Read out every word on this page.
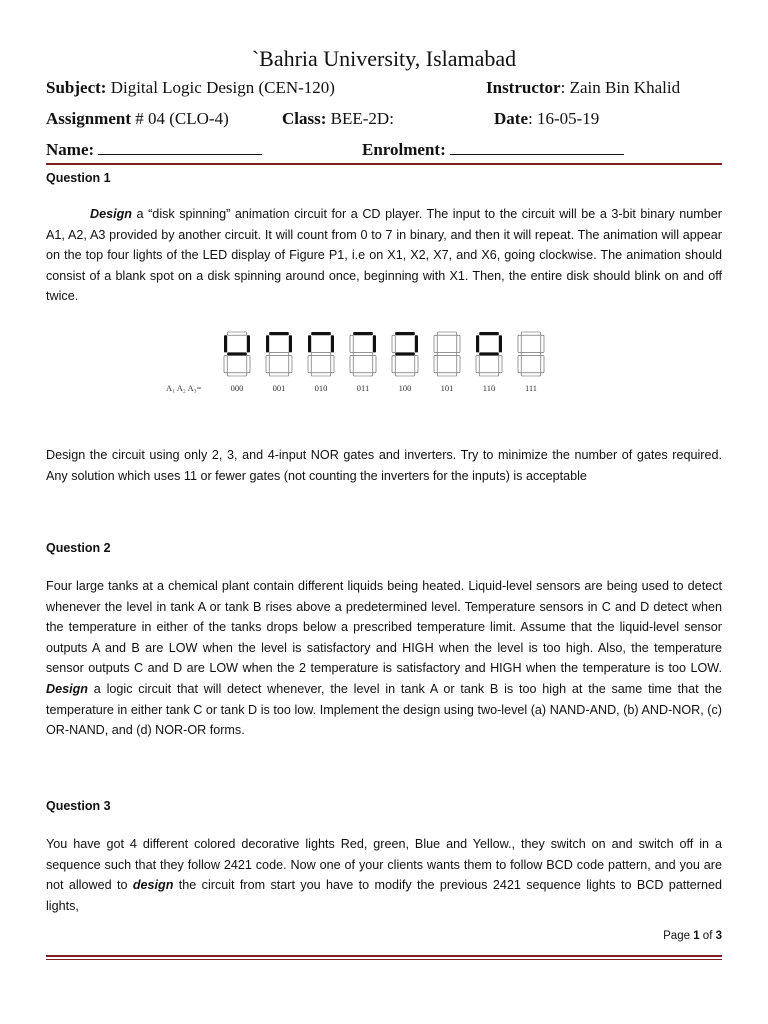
`Bahria University, Islamabad
Subject: Digital Logic Design (CEN-120)	Instructor: Zain Bin Khalid
Assignment # 04 (CLO-4)	Class: BEE-2D:	Date: 16-05-19
Name:	Enrolment:
Question 1
Design a “disk spinning” animation circuit for a CD player. The input to the circuit will be a 3-bit binary number A1, A2, A3 provided by another circuit. It will count from 0 to 7 in binary, and then it will repeat. The animation will appear on the top four lights of the LED display of Figure P1, i.e on X1, X2, X7, and X6, going clockwise. The animation should consist of a blank spot on a disk spinning around once, beginning with X1. Then, the entire disk should blink on and off twice.
A₁ A₂ A₃=	000	001	010	011	100	101	110	111
Design the circuit using only 2, 3, and 4-input NOR gates and inverters. Try to minimize the number of gates required. Any solution which uses 11 or fewer gates (not counting the inverters for the inputs) is acceptable
Question 2
Four large tanks at a chemical plant contain different liquids being heated. Liquid-level sensors are being used to detect whenever the level in tank A or tank B rises above a predetermined level. Temperature sensors in C and D detect when the temperature in either of the tanks drops below a prescribed temperature limit. Assume that the liquid-level sensor outputs A and B are LOW when the level is satisfactory and HIGH when the level is too high. Also, the temperature sensor outputs C and D are LOW when the 2 temperature is satisfactory and HIGH when the temperature is too LOW. Design a logic circuit that will detect whenever, the level in tank A or tank B is too high at the same time that the temperature in either tank C or tank D is too low. Implement the design using two-level (a) NAND-AND, (b) AND-NOR, (c) OR-NAND, and (d) NOR-OR forms.
Question 3
You have got 4 different colored decorative lights Red, green, Blue and Yellow., they switch on and switch off in a sequence such that they follow 2421 code. Now one of your clients wants them to follow BCD code pattern, and you are not allowed to design the circuit from start you have to modify the previous 2421 sequence lights to BCD patterned lights,
Page 1 of 3
